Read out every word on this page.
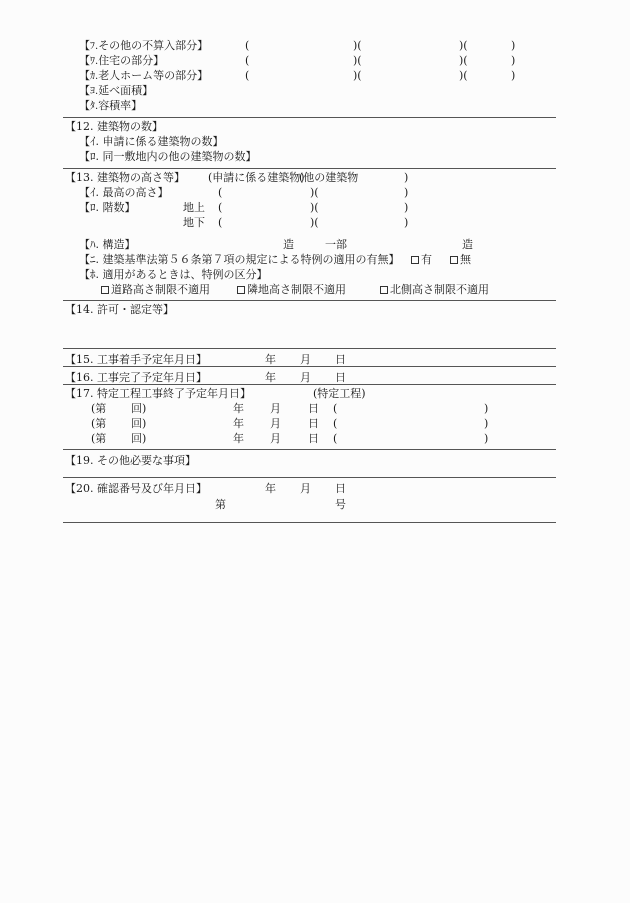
【ﾌ.その他の不算入部分】	(	)(	)(	)
【ﾜ.住宅の部分】	(	)(	)(	)
【ｶ.老人ホーム等の部分】	(	)(	)(	)
【ﾖ.延べ面積】
【ﾀ.容積率】
【12. 建築物の数】
【ｲ. 申請に係る建築物の数】
【ﾛ. 同一敷地内の他の建築物の数】
【13. 建築物の高さ等】 (申請に係る建築物)
(他の建築物	)
【ｲ. 最高の高さ】	(	)(	)
【ﾛ. 階数】	地上 (	)(	)
地下 (	)(	)
【ﾊ. 構造】	造	一部	造
【ﾆ. 建築基準法第５６条第７項の規定による特例の適用の有無】	有	無
【ﾎ. 適用があるときは、特例の区分】
道路高さ制限不適用	隣地高さ制限不適用	北側高さ制限不適用
【14. 許可・認定等】
【15. 工事着手予定年月日】	年 月 日
【16. 工事完了予定年月日】	年 月 日
【17. 特定工程工事終了予定年月日】	(特定工程)
(第 回)	年 月 日 (	)
(第 回)	年 月 日 (	)
(第 回)	年 月 日 (	)
【19. その他必要な事項】
【20. 確認番号及び年月日】	年 月 日
第	号
